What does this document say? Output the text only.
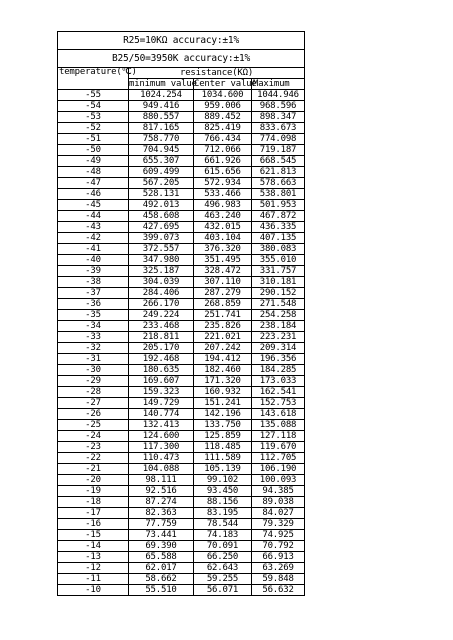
R25=10KΩ accuracy:±1%			
B25/50=3950K accuracy:±1%			
temperature(℃)	resistance(KΩ)		
	minimum value	Center value	Maximum
-55	1024.254	1034.600	1044.946
-54	949.416	959.006	968.596
-53	880.557	889.452	898.347
-52	817.165	825.419	833.673
-51	758.770	766.434	774.098
-50	704.945	712.066	719.187
-49	655.307	661.926	668.545
-48	609.499	615.656	621.813
-47	567.205	572.934	578.663
-46	528.131	533.466	538.801
-45	492.013	496.983	501.953
-44	458.608	463.240	467.872
-43	427.695	432.015	436.335
-42	399.073	403.104	407.135
-41	372.557	376.320	380.083
-40	347.980	351.495	355.010
-39	325.187	328.472	331.757
-38	304.039	307.110	310.181
-37	284.406	287.279	290.152
-36	266.170	268.859	271.548
-35	249.224	251.741	254.258
-34	233.468	235.826	238.184
-33	218.811	221.021	223.231
-32	205.170	207.242	209.314
-31	192.468	194.412	196.356
-30	180.635	182.460	184.285
-29	169.607	171.320	173.033
-28	159.323	160.932	162.541
-27	149.729	151.241	152.753
-26	140.774	142.196	143.618
-25	132.413	133.750	135.088
-24	124.600	125.859	127.118
-23	117.300	118.485	119.670
-22	110.473	111.589	112.705
-21	104.088	105.139	106.190
-20	98.111	99.102	100.093
-19	92.516	93.450	94.385
-18	87.274	88.156	89.038
-17	82.363	83.195	84.027
-16	77.759	78.544	79.329
-15	73.441	74.183	74.925
-14	69.390	70.091	70.792
-13	65.588	66.250	66.913
-12	62.017	62.643	63.269
-11	58.662	59.255	59.848
-10	55.510	56.071	56.632
